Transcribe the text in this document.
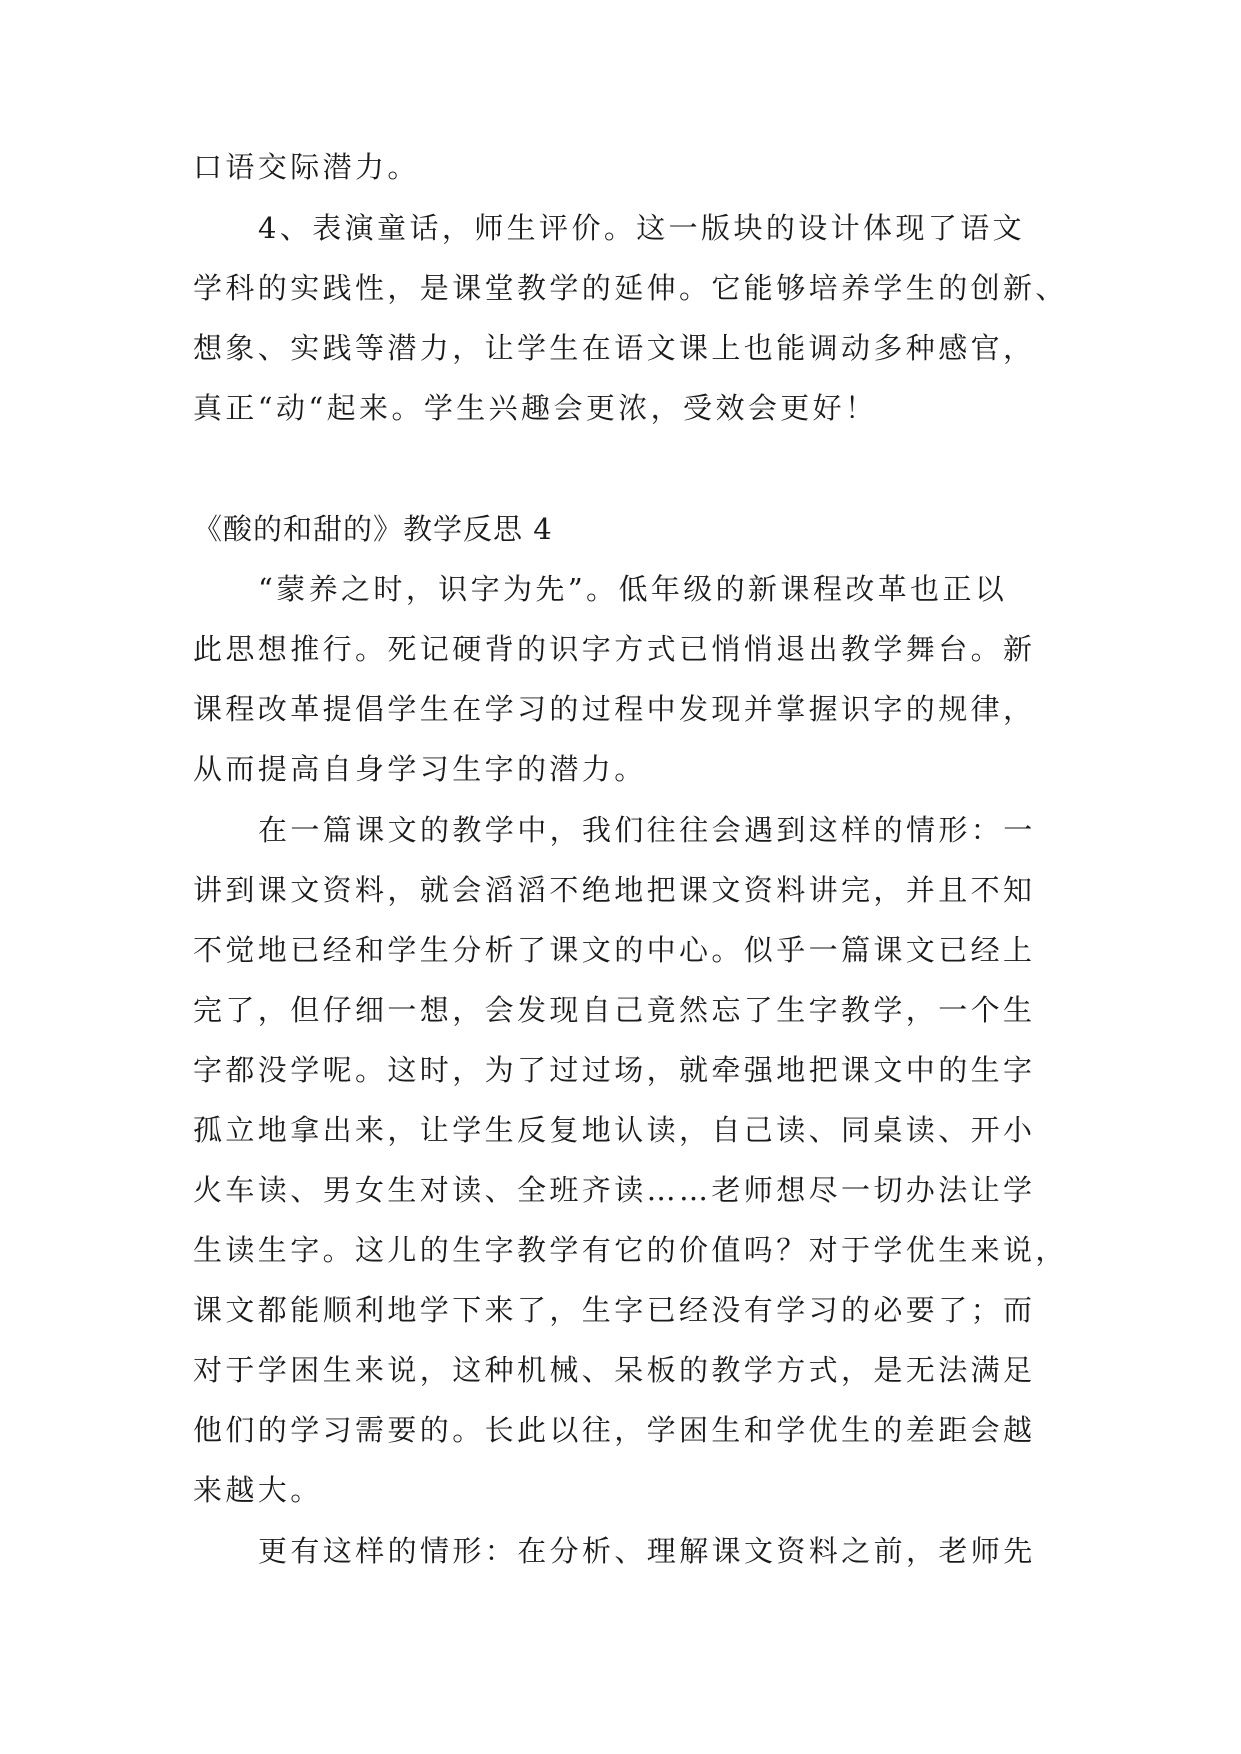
口语交际潜力。
4、表演童话，师生评价。这一版块的设计体现了语文
学科的实践性，是课堂教学的延伸。它能够培养学生的创新、
想象、实践等潜力，让学生在语文课上也能调动多种感官，
真正“动“起来。学生兴趣会更浓，受效会更好！
《酸的和甜的》教学反思 4
“蒙养之时，识字为先”。低年级的新课程改革也正以
此思想推行。死记硬背的识字方式已悄悄退出教学舞台。新
课程改革提倡学生在学习的过程中发现并掌握识字的规律，
从而提高自身学习生字的潜力。
在一篇课文的教学中，我们往往会遇到这样的情形：一
讲到课文资料，就会滔滔不绝地把课文资料讲完，并且不知
不觉地已经和学生分析了课文的中心。似乎一篇课文已经上
完了，但仔细一想，会发现自己竟然忘了生字教学，一个生
字都没学呢。这时，为了过过场，就牵强地把课文中的生字
孤立地拿出来，让学生反复地认读，自己读、同桌读、开小
火车读、男女生对读、全班齐读……老师想尽一切办法让学
生读生字。这儿的生字教学有它的价值吗？对于学优生来说，
课文都能顺利地学下来了，生字已经没有学习的必要了；而
对于学困生来说，这种机械、呆板的教学方式，是无法满足
他们的学习需要的。长此以往，学困生和学优生的差距会越
来越大。
更有这样的情形：在分析、理解课文资料之前，老师先
